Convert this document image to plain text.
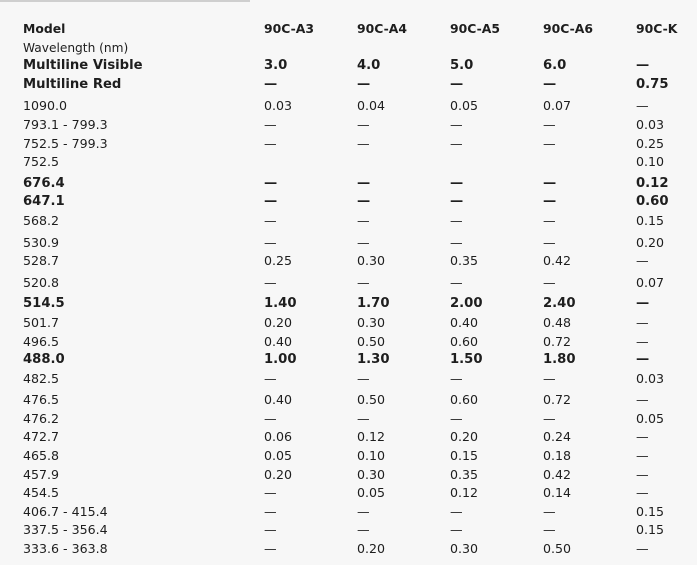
Model	90C-A3	90C-A4	90C-A5	90C-A6	90C-K
Wavelength (nm)					
Multiline Visible	3.0	4.0	5.0	6.0	—
Multiline Red	—	—	—	—	0.75
1090.0	0.03	0.04	0.05	0.07	—
793.1 - 799.3	—	—	—	—	0.03
752.5 - 799.3	—	—	—	—	0.25
752.5					0.10
676.4	—	—	—	—	0.12
647.1	—	—	—	—	0.60
568.2	—	—	—	—	0.15
530.9	—	—	—	—	0.20
528.7	0.25	0.30	0.35	0.42	—
520.8	—	—	—	—	0.07
514.5	1.40	1.70	2.00	2.40	—
501.7	0.20	0.30	0.40	0.48	—
496.5	0.40	0.50	0.60	0.72	—
488.0	1.00	1.30	1.50	1.80	—
482.5	—	—	—	—	0.03
476.5	0.40	0.50	0.60	0.72	—
476.2	—	—	—	—	0.05
472.7	0.06	0.12	0.20	0.24	—
465.8	0.05	0.10	0.15	0.18	—
457.9	0.20	0.30	0.35	0.42	—
454.5	—	0.05	0.12	0.14	—
406.7 - 415.4	—	—	—	—	0.15
337.5 - 356.4	—	—	—	—	0.15
333.6 - 363.8	—	0.20	0.30	0.50	—
